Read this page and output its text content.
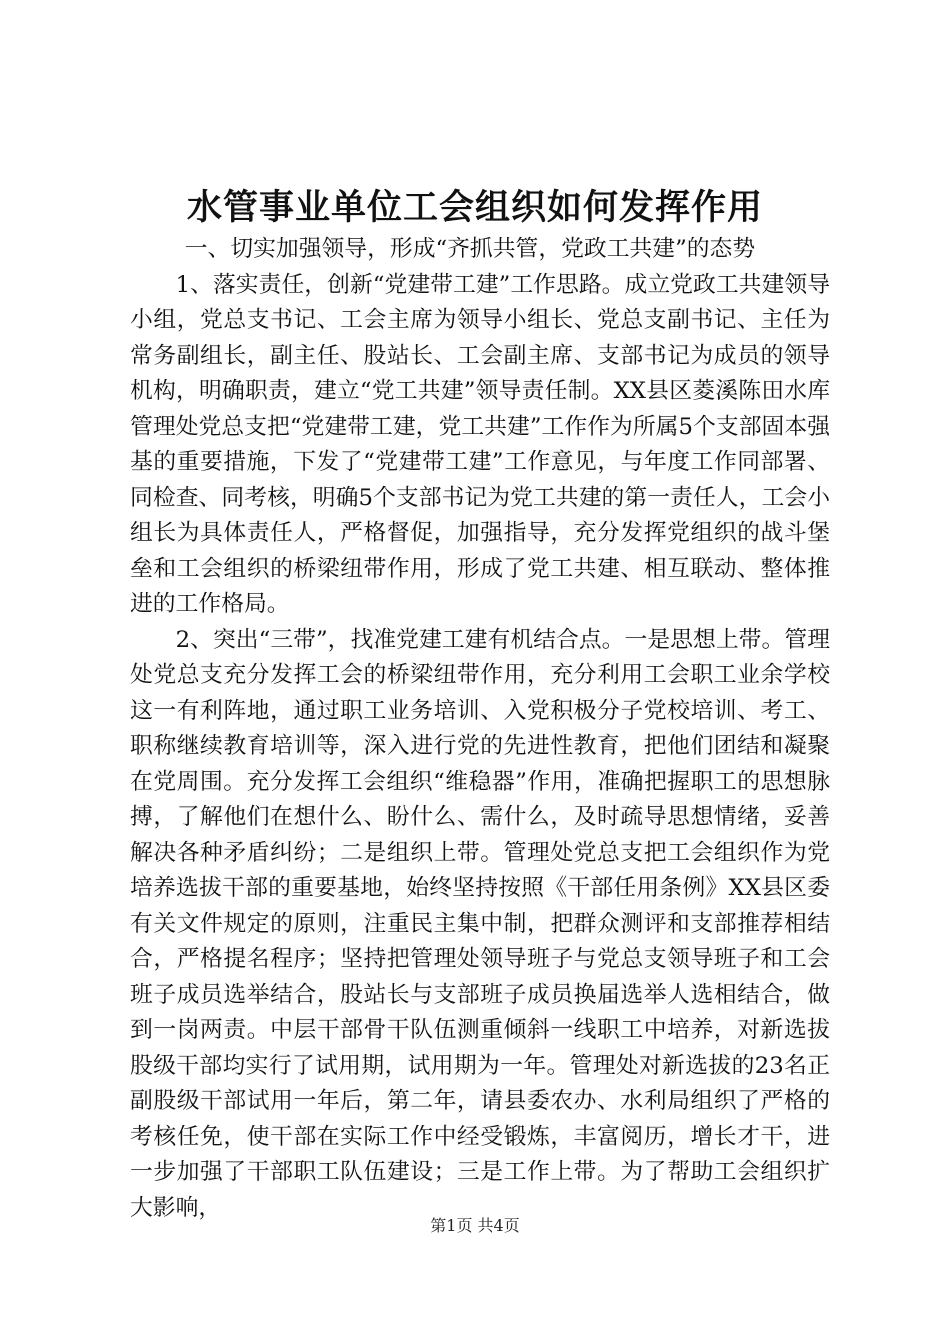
水管事业单位工会组织如何发挥作用

一、切实加强领导，形成“齐抓共管，党政工共建”的态势

1、落实责任，创新“党建带工建”工作思路。成立党政工共建领导小组，党总支书记、工会主席为领导小组长、党总支副书记、主任为常务副组长，副主任、股站长、工会副主席、支部书记为成员的领导机构，明确职责，建立“党工共建”领导责任制。XX县区菱溪陈田水库管理处党总支把“党建带工建，党工共建”工作作为所属5个支部固本强基的重要措施，下发了“党建带工建”工作意见，与年度工作同部署、同检查、同考核，明确5个支部书记为党工共建的第一责任人，工会小组长为具体责任人，严格督促，加强指导，充分发挥党组织的战斗堡垒和工会组织的桥梁纽带作用，形成了党工共建、相互联动、整体推进的工作格局。

2、突出“三带”，找准党建工建有机结合点。一是思想上带。管理处党总支充分发挥工会的桥梁纽带作用，充分利用工会职工业余学校这一有利阵地，通过职工业务培训、入党积极分子党校培训、考工、职称继续教育培训等，深入进行党的先进性教育，把他们团结和凝聚在党周围。充分发挥工会组织“维稳器”作用，准确把握职工的思想脉搏，了解他们在想什么、盼什么、需什么，及时疏导思想情绪，妥善解决各种矛盾纠纷；二是组织上带。管理处党总支把工会组织作为党培养选拔干部的重要基地，始终坚持按照《干部任用条例》XX县区委有关文件规定的原则，注重民主集中制，把群众测评和支部推荐相结合，严格提名程序；坚持把管理处领导班子与党总支领导班子和工会班子成员选举结合，股站长与支部班子成员换届选举人选相结合，做到一岗两责。中层干部骨干队伍测重倾斜一线职工中培养，对新选拔股级干部均实行了试用期，试用期为一年。管理处对新选拔的23名正副股级干部试用一年后，第二年，请县委农办、水利局组织了严格的考核任免，使干部在实际工作中经受锻炼，丰富阅历，增长才干，进一步加强了干部职工队伍建设；三是工作上带。为了帮助工会组织扩大影响，

第1页 共4页
